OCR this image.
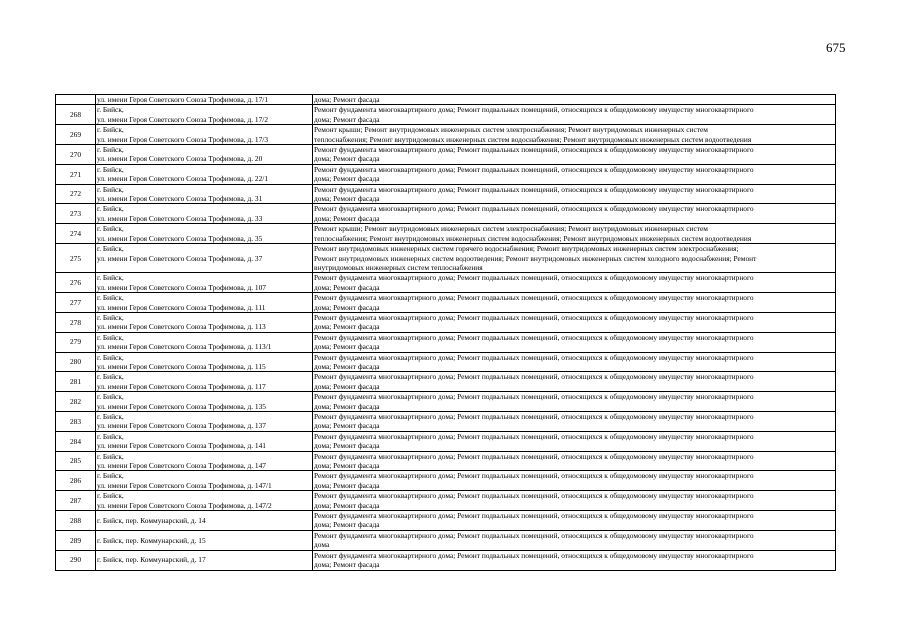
675

	ул. имени Героя Советского Союза Трофимова, д. 17/1	дома; Ремонт фасада

268	г. Бийск,
ул. имени Героя Советского Союза Трофимова, д. 17/2	Ремонт фундамента многоквартирного дома; Ремонт подвальных помещений, относящихся к общедомовому имуществу многоквартирного
дома; Ремонт фасада

269	г. Бийск,
ул. имени Героя Советского Союза Трофимова, д. 17/3	Ремонт крыши; Ремонт внутридомовых инженерных систем электроснабжения; Ремонт внутридомовых инженерных систем
теплоснабжения; Ремонт внутридомовых инженерных систем водоснабжения; Ремонт внутридомовых инженерных систем водоотведения

270	г. Бийск,
ул. имени Героя Советского Союза Трофимова, д. 20	Ремонт фундамента многоквартирного дома; Ремонт подвальных помещений, относящихся к общедомовому имуществу многоквартирного
дома; Ремонт фасада

271	г. Бийск,
ул. имени Героя Советского Союза Трофимова, д. 22/1	Ремонт фундамента многоквартирного дома; Ремонт подвальных помещений, относящихся к общедомовому имуществу многоквартирного
дома; Ремонт фасада

272	г. Бийск,
ул. имени Героя Советского Союза Трофимова, д. 31	Ремонт фундамента многоквартирного дома; Ремонт подвальных помещений, относящихся к общедомовому имуществу многоквартирного
дома; Ремонт фасада

273	г. Бийск,
ул. имени Героя Советского Союза Трофимова, д. 33	Ремонт фундамента многоквартирного дома; Ремонт подвальных помещений, относящихся к общедомовому имуществу многоквартирного
дома; Ремонт фасада

274	г. Бийск,
ул. имени Героя Советского Союза Трофимова, д. 35	Ремонт крыши; Ремонт внутридомовых инженерных систем электроснабжения; Ремонт внутридомовых инженерных систем
теплоснабжения; Ремонт внутридомовых инженерных систем водоснабжения; Ремонт внутридомовых инженерных систем водоотведения

275	г. Бийск,
ул. имени Героя Советского Союза Трофимова, д. 37	Ремонт внутридомовых инженерных систем горячего водоснабжения; Ремонт внутридомовых инженерных систем электроснабжения;
Ремонт внутридомовых инженерных систем водоотведения; Ремонт внутридомовых инженерных систем холодного водоснабжения; Ремонт
внутридомовых инженерных систем теплоснабжения

276	г. Бийск,
ул. имени Героя Советского Союза Трофимова, д. 107	Ремонт фундамента многоквартирного дома; Ремонт подвальных помещений, относящихся к общедомовому имуществу многоквартирного
дома; Ремонт фасада

277	г. Бийск,
ул. имени Героя Советского Союза Трофимова, д. 111	Ремонт фундамента многоквартирного дома; Ремонт подвальных помещений, относящихся к общедомовому имуществу многоквартирного
дома; Ремонт фасада

278	г. Бийск,
ул. имени Героя Советского Союза Трофимова, д. 113	Ремонт фундамента многоквартирного дома; Ремонт подвальных помещений, относящихся к общедомовому имуществу многоквартирного
дома; Ремонт фасада

279	г. Бийск,
ул. имени Героя Советского Союза Трофимова, д. 113/1	Ремонт фундамента многоквартирного дома; Ремонт подвальных помещений, относящихся к общедомовому имуществу многоквартирного
дома; Ремонт фасада

280	г. Бийск,
ул. имени Героя Советского Союза Трофимова, д. 115	Ремонт фундамента многоквартирного дома; Ремонт подвальных помещений, относящихся к общедомовому имуществу многоквартирного
дома; Ремонт фасада

281	г. Бийск,
ул. имени Героя Советского Союза Трофимова, д. 117	Ремонт фундамента многоквартирного дома; Ремонт подвальных помещений, относящихся к общедомовому имуществу многоквартирного
дома; Ремонт фасада

282	г. Бийск,
ул. имени Героя Советского Союза Трофимова, д. 135	Ремонт фундамента многоквартирного дома; Ремонт подвальных помещений, относящихся к общедомовому имуществу многоквартирного
дома; Ремонт фасада

283	г. Бийск,
ул. имени Героя Советского Союза Трофимова, д. 137	Ремонт фундамента многоквартирного дома; Ремонт подвальных помещений, относящихся к общедомовому имуществу многоквартирного
дома; Ремонт фасада

284	г. Бийск,
ул. имени Героя Советского Союза Трофимова, д. 141	Ремонт фундамента многоквартирного дома; Ремонт подвальных помещений, относящихся к общедомовому имуществу многоквартирного
дома; Ремонт фасада

285	г. Бийск,
ул. имени Героя Советского Союза Трофимова, д. 147	Ремонт фундамента многоквартирного дома; Ремонт подвальных помещений, относящихся к общедомовому имуществу многоквартирного
дома; Ремонт фасада

286	г. Бийск,
ул. имени Героя Советского Союза Трофимова, д. 147/1	Ремонт фундамента многоквартирного дома; Ремонт подвальных помещений, относящихся к общедомовому имуществу многоквартирного
дома; Ремонт фасада

287	г. Бийск,
ул. имени Героя Советского Союза Трофимова, д. 147/2	Ремонт фундамента многоквартирного дома; Ремонт подвальных помещений, относящихся к общедомовому имуществу многоквартирного
дома; Ремонт фасада

288	г. Бийск, пер. Коммунарский, д. 14	Ремонт фундамента многоквартирного дома; Ремонт подвальных помещений, относящихся к общедомовому имуществу многоквартирного
дома; Ремонт фасада

289	г. Бийск, пер. Коммунарский, д. 15	Ремонт фундамента многоквартирного дома; Ремонт подвальных помещений, относящихся к общедомовому имуществу многоквартирного
дома

290	г. Бийск, пер. Коммунарский, д. 17	Ремонт фундамента многоквартирного дома; Ремонт подвальных помещений, относящихся к общедомовому имуществу многоквартирного
дома; Ремонт фасада
